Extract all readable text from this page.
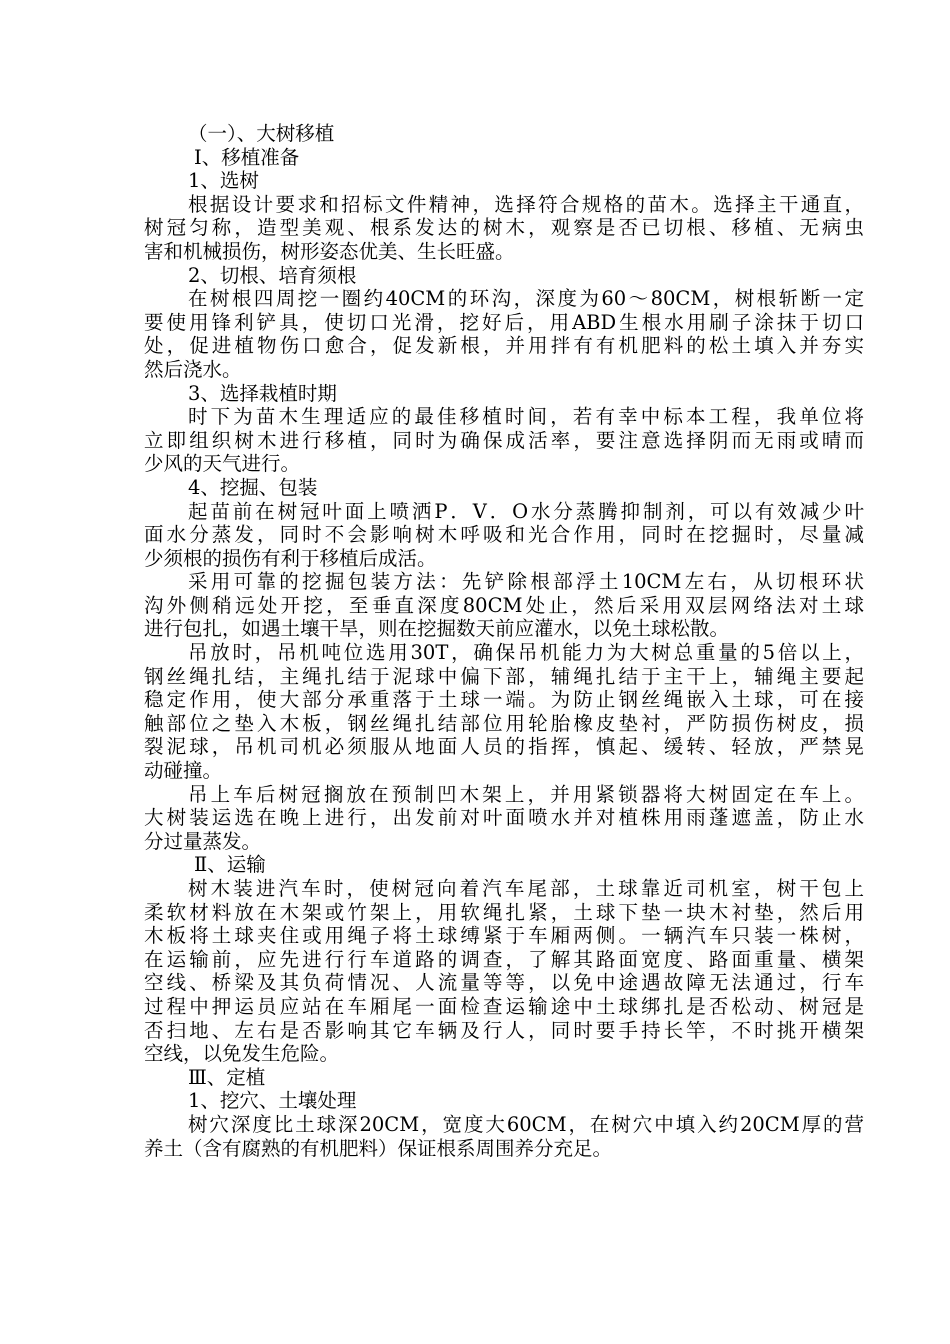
（一）、大树移植
Ⅰ、移植准备
1、选树
根据设计要求和招标文件精神，选择符合规格的苗木。选择主干通直，
树冠匀称，造型美观、根系发达的树木，观察是否已切根、移植、无病虫
害和机械损伤，树形姿态优美、生长旺盛。
2、切根、培育须根
在树根四周挖一圈约40CM的环沟，深度为60～80CM，树根斩断一定
要使用锋利铲具，使切口光滑，挖好后，用ABD生根水用刷子涂抹于切口
处，促进植物伤口愈合，促发新根，并用拌有有机肥料的松土填入并夯实
然后浇水。
3、选择栽植时期
时下为苗木生理适应的最佳移植时间，若有幸中标本工程，我单位将
立即组织树木进行移植，同时为确保成活率，要注意选择阴而无雨或晴而
少风的天气进行。
4、挖掘、包装
起苗前在树冠叶面上喷洒P．V．O水分蒸腾抑制剂，可以有效减少叶
面水分蒸发，同时不会影响树木呼吸和光合作用，同时在挖掘时，尽量减
少须根的损伤有利于移植后成活。
采用可靠的挖掘包装方法：先铲除根部浮土10CM左右，从切根环状
沟外侧稍远处开挖，至垂直深度80CM处止，然后采用双层网络法对土球
进行包扎，如遇土壤干旱，则在挖掘数天前应灌水，以免土球松散。
吊放时，吊机吨位选用30T，确保吊机能力为大树总重量的5倍以上，
钢丝绳扎结，主绳扎结于泥球中偏下部，辅绳扎结于主干上，辅绳主要起
稳定作用，使大部分承重落于土球一端。为防止钢丝绳嵌入土球，可在接
触部位之垫入木板，钢丝绳扎结部位用轮胎橡皮垫衬，严防损伤树皮，损
裂泥球，吊机司机必须服从地面人员的指挥，慎起、缓转、轻放，严禁晃
动碰撞。
吊上车后树冠搁放在预制凹木架上，并用紧锁器将大树固定在车上。
大树装运选在晚上进行，出发前对叶面喷水并对植株用雨蓬遮盖，防止水
分过量蒸发。
Ⅱ、运输
树木装进汽车时，使树冠向着汽车尾部，土球靠近司机室，树干包上
柔软材料放在木架或竹架上，用软绳扎紧，土球下垫一块木衬垫，然后用
木板将土球夹住或用绳子将土球缚紧于车厢两侧。一辆汽车只装一株树，
在运输前，应先进行行车道路的调查，了解其路面宽度、路面重量、横架
空线、桥梁及其负荷情况、人流量等等，以免中途遇故障无法通过，行车
过程中押运员应站在车厢尾一面检查运输途中土球绑扎是否松动、树冠是
否扫地、左右是否影响其它车辆及行人，同时要手持长竿，不时挑开横架
空线，以免发生危险。
Ⅲ、定植
1、挖穴、土壤处理
树穴深度比土球深20CM，宽度大60CM，在树穴中填入约20CM厚的营
养土（含有腐熟的有机肥料）保证根系周围养分充足。
